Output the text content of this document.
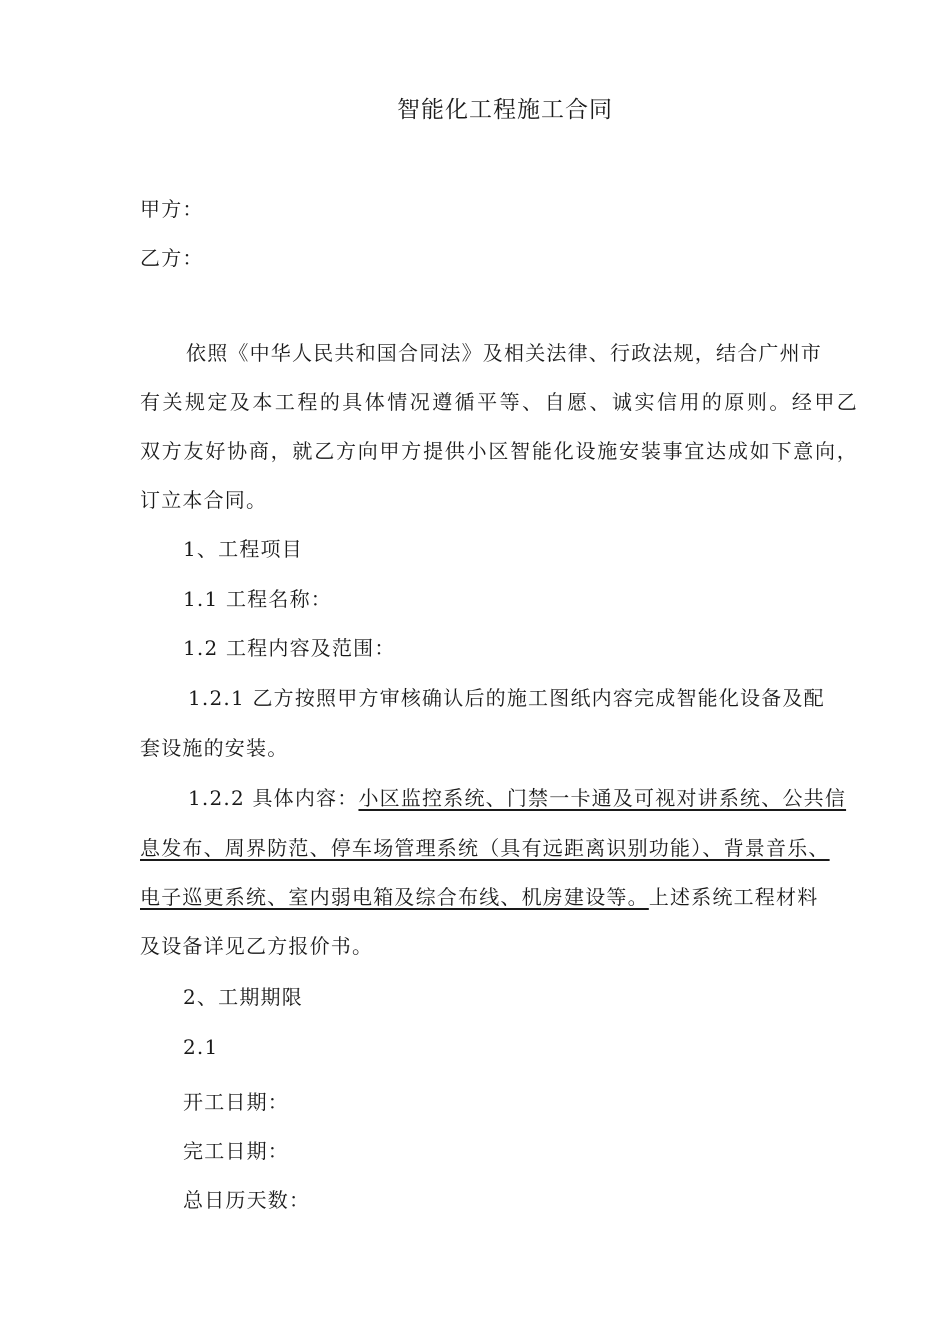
智能化工程施工合同
甲方：
乙方：
依照《中华人民共和国合同法》及相关法律、行政法规，结合广州市
有关规定及本工程的具体情况遵循平等、自愿、诚实信用的原则。经甲乙
双方友好协商，就乙方向甲方提供小区智能化设施安装事宜达成如下意向，
订立本合同。
1、工程项目
1.1 工程名称：
1.2 工程内容及范围：
1.2.1 乙方按照甲方审核确认后的施工图纸内容完成智能化设备及配
套设施的安装。
1.2.2 具体内容：小区监控系统、门禁一卡通及可视对讲系统、公共信
息发布、周界防范、停车场管理系统（具有远距离识别功能）、背景音乐、
电子巡更系统、室内弱电箱及综合布线、机房建设等。上述系统工程材料
及设备详见乙方报价书。
2、工期期限
2.1
开工日期：
完工日期：
总日历天数：
